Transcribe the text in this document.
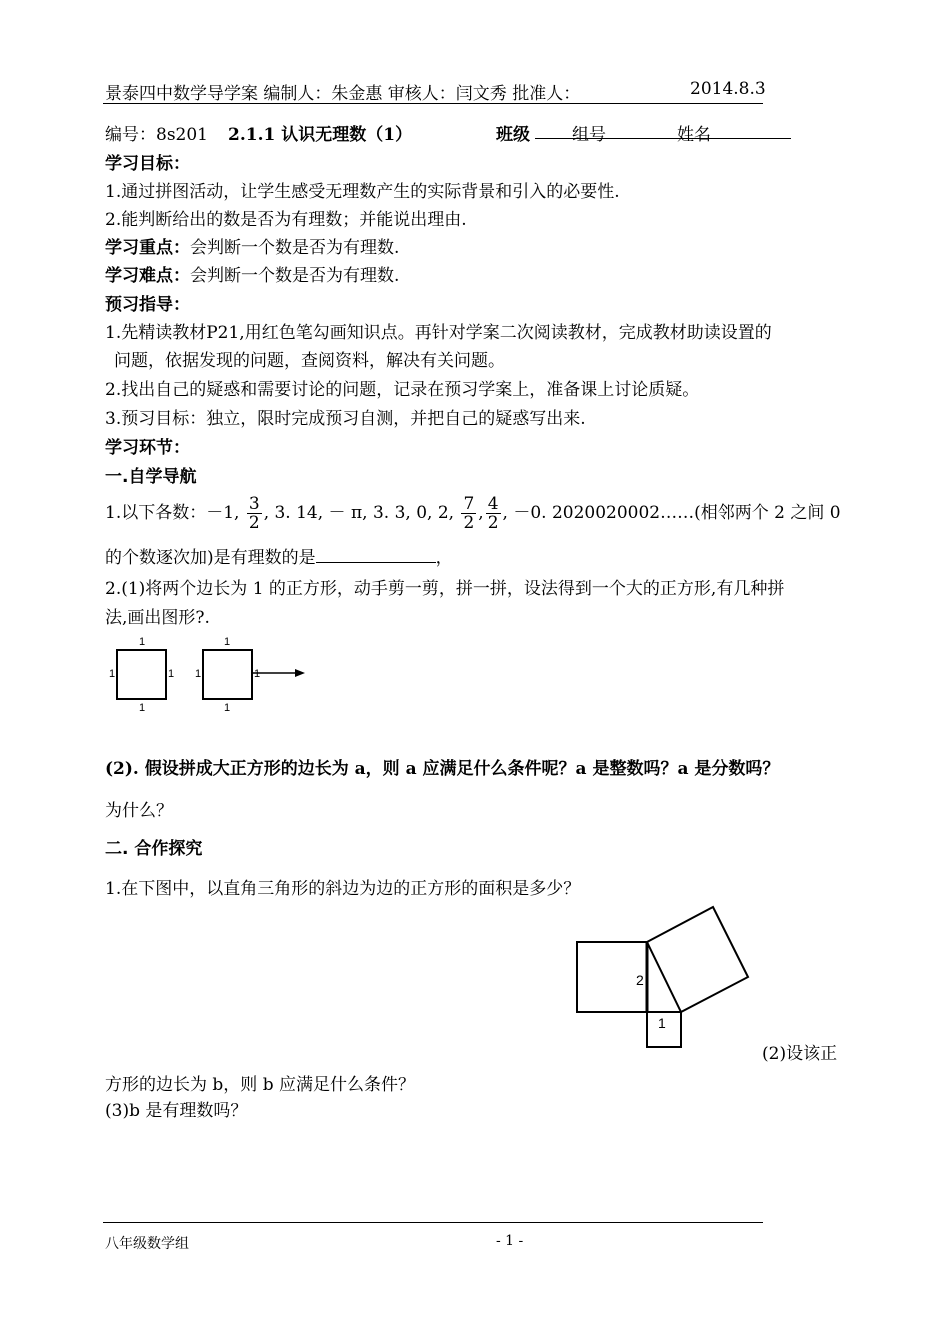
景泰四中数学导学案 编制人：朱金惠 审核人：闫文秀 批准人：	2014.8.3
编号：8s201 2.1.1 认识无理数（1）	班级 组号	姓名
学习目标：
1.通过拼图活动，让学生感受无理数产生的实际背景和引入的必要性.
2.能判断给出的数是否为有理数；并能说出理由.
学习重点：会判断一个数是否为有理数.
学习难点：会判断一个数是否为有理数.
预习指导：
1.先精读教材P21,用红色笔勾画知识点。再针对学案二次阅读教材，完成教材助读设置的
问题，依据发现的问题，查阅资料，解决有关问题。
2.找出自己的疑惑和需要讨论的问题，记录在预习学案上，准备课上讨论质疑。
3.预习目标：独立，限时完成预习自测，并把自己的疑惑写出来.
学习环节：
一.自学导航
1.以下各数：－1, $\frac{3}{2}$ , 3. 14, － π, 3. 3, 0, 2, $\frac{7}{2}$ , $\frac{4}{2}$ , －0. 2020020002……(相邻两个 2 之间 0
的个数逐次加)是有理数的是	，
2.(1)将两个边长为 1 的正方形，动手剪一剪，拼一拼，设法得到一个大的正方形,有几种拼
法,画出图形?.
1
1
1	1
1
1
1	1
(2). 假设拼成大正方形的边长为 a，则 a 应满足什么条件呢？a 是整数吗？a 是分数吗？
为什么？
二. 合作探究
1.在下图中，以直角三角形的斜边为边的正方形的面积是多少？
2
1
(2)设该正
方形的边长为 b，则 b 应满足什么条件？
(3)b 是有理数吗？
八年级数学组	- 1 -
